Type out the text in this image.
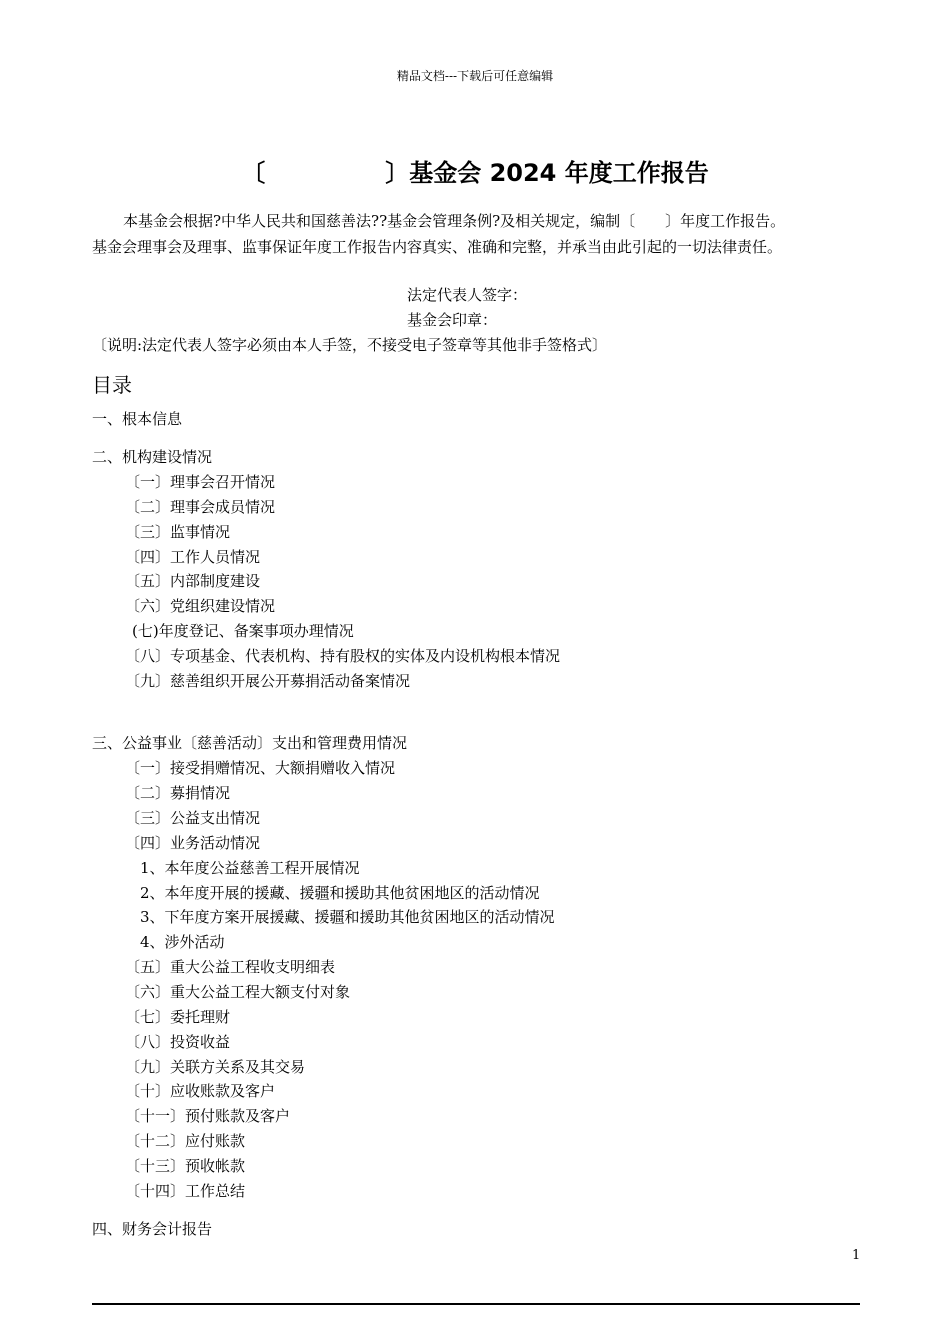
精品文档---下载后可任意编辑
〔　　　　　〕基金会 2024 年度工作报告

本基金会根据?中华人民共和国慈善法??基金会管理条例?及相关规定，编制〔　　〕年度工作报告。

基金会理事会及理事、监事保证年度工作报告内容真实、准确和完整，并承当由此引起的一切法律责任。

法定代表人签字：
基金会印章：
〔说明:法定代表人签字必须由本人手签，不接受电子签章等其他非手签格式〕
目录
一、根本信息
二、机构建设情况
〔一〕理事会召开情况
〔二〕理事会成员情况
〔三〕监事情况
〔四〕工作人员情况
〔五〕内部制度建设
〔六〕党组织建设情况
(七)年度登记、备案事项办理情况
〔八〕专项基金、代表机构、持有股权的实体及内设机构根本情况
〔九〕慈善组织开展公开募捐活动备案情况
三、公益事业〔慈善活动〕支出和管理费用情况
〔一〕接受捐赠情况、大额捐赠收入情况
〔二〕募捐情况
〔三〕公益支出情况
〔四〕业务活动情况
1、本年度公益慈善工程开展情况
2、本年度开展的援藏、援疆和援助其他贫困地区的活动情况
3、下年度方案开展援藏、援疆和援助其他贫困地区的活动情况
4、涉外活动
〔五〕重大公益工程收支明细表
〔六〕重大公益工程大额支付对象
〔七〕委托理财
〔八〕投资收益
〔九〕关联方关系及其交易
〔十〕应收账款及客户
〔十一〕预付账款及客户
〔十二〕应付账款
〔十三〕预收帐款
〔十四〕工作总结
四、财务会计报告
1
